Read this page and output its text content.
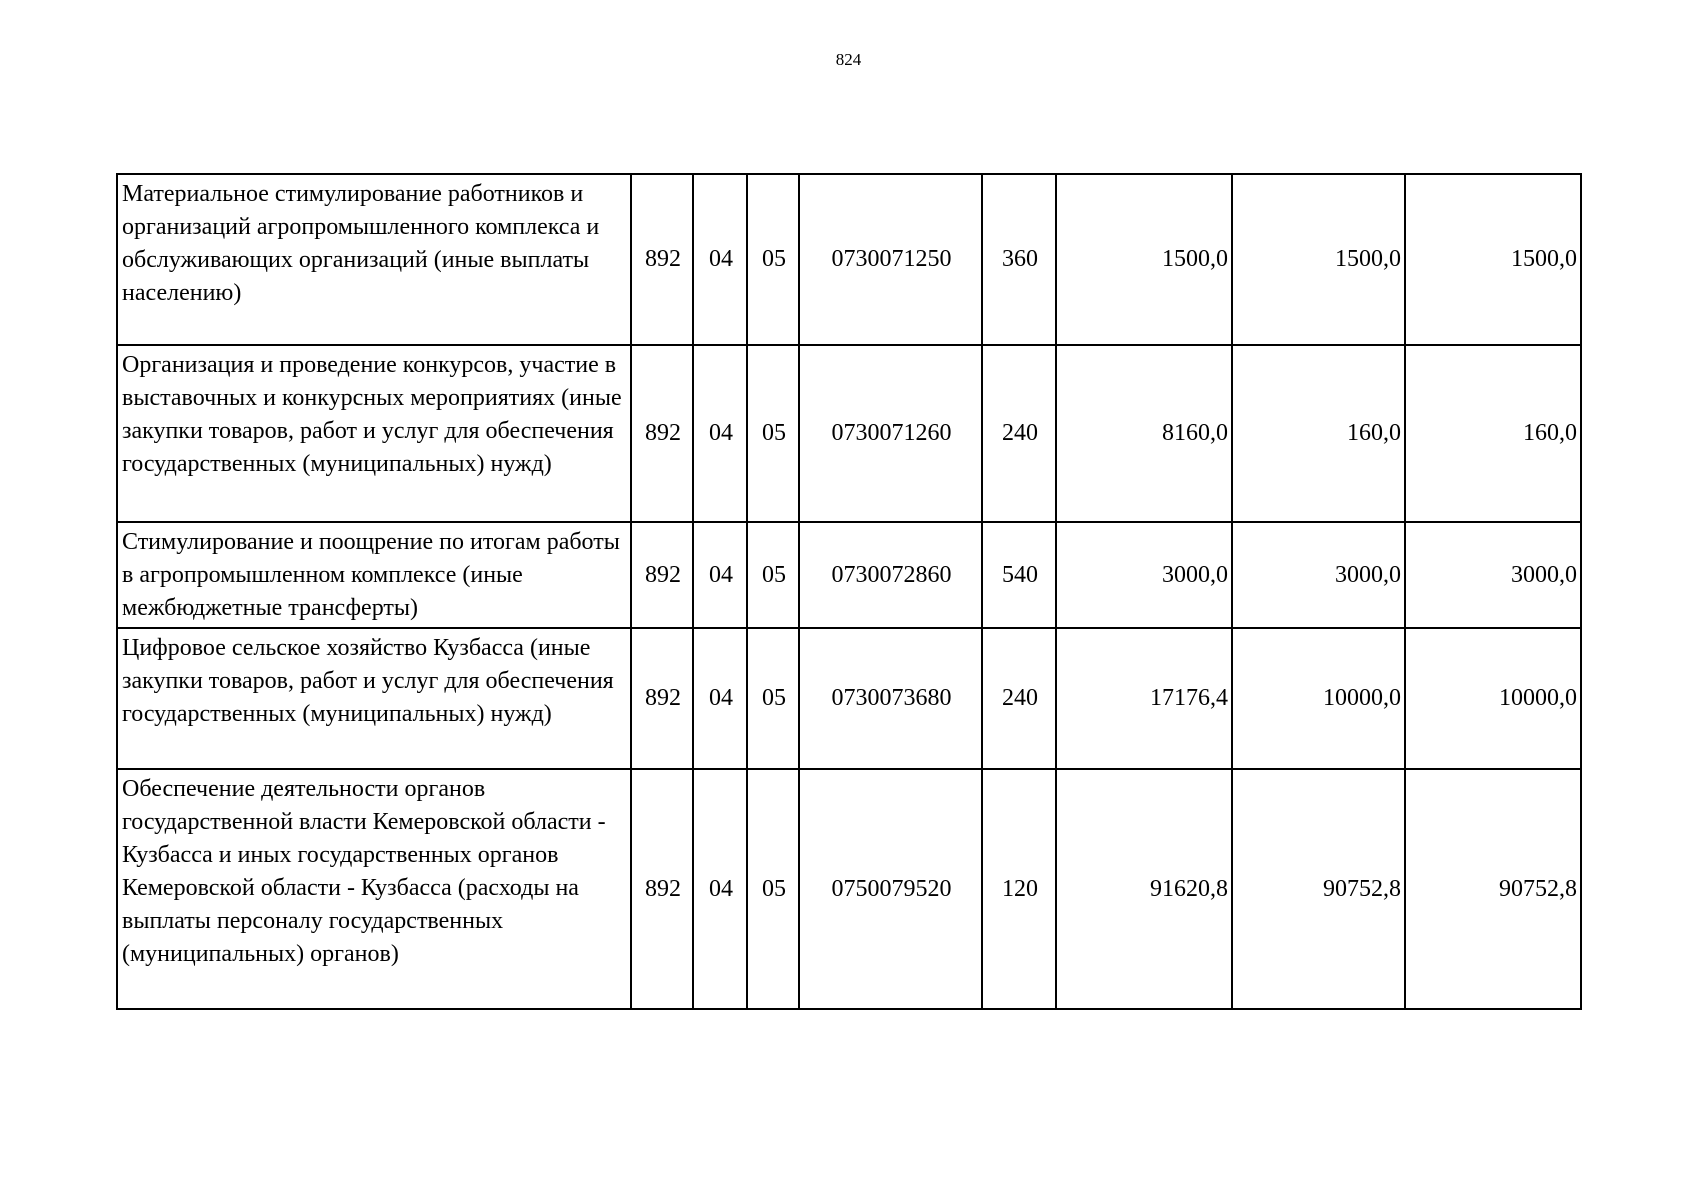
824
Материальное стимулирование работников и организаций агропромышленного комплекса и обслуживающих организаций (иные выплаты населению)	892	04	05	0730071250	360	1500,0	1500,0	1500,0
Организация и проведение конкурсов, участие в выставочных и конкурсных мероприятиях (иные закупки товаров, работ и услуг для обеспечения государственных (муниципальных) нужд)	892	04	05	0730071260	240	8160,0	160,0	160,0
Стимулирование и поощрение по итогам работы в агропромышленном комплексе (иные межбюджетные трансферты)	892	04	05	0730072860	540	3000,0	3000,0	3000,0
Цифровое сельское хозяйство Кузбасса (иные закупки товаров, работ и услуг для обеспечения государственных (муниципальных) нужд)	892	04	05	0730073680	240	17176,4	10000,0	10000,0
Обеспечение деятельности органов государственной власти Кемеровской области - Кузбасса и иных государственных органов Кемеровской области - Кузбасса (расходы на выплаты персоналу государственных (муниципальных) органов)	892	04	05	0750079520	120	91620,8	90752,8	90752,8
